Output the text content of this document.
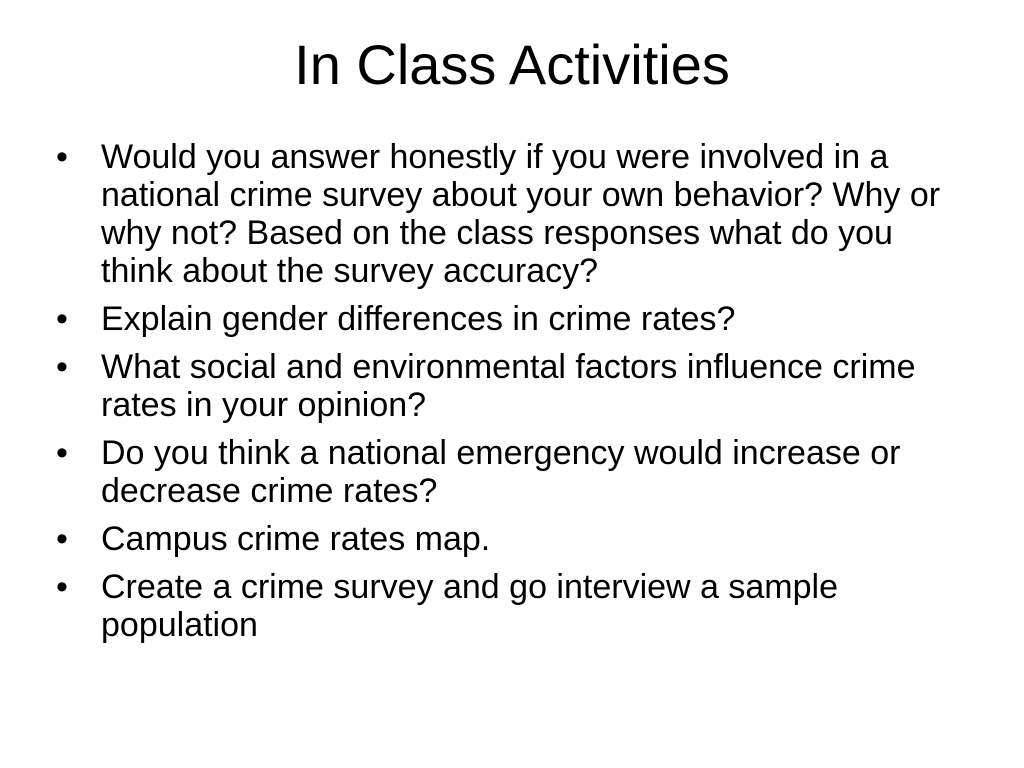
In Class Activities
• Would you answer honestly if you were involved in a national crime survey about your own behavior? Why or why not? Based on the class responses what do you think about the survey accuracy?
• Explain gender differences in crime rates?
• What social and environmental factors influence crime rates in your opinion?
• Do you think a national emergency would increase or decrease crime rates?
• Campus crime rates map.
• Create a crime survey and go interview a sample population
